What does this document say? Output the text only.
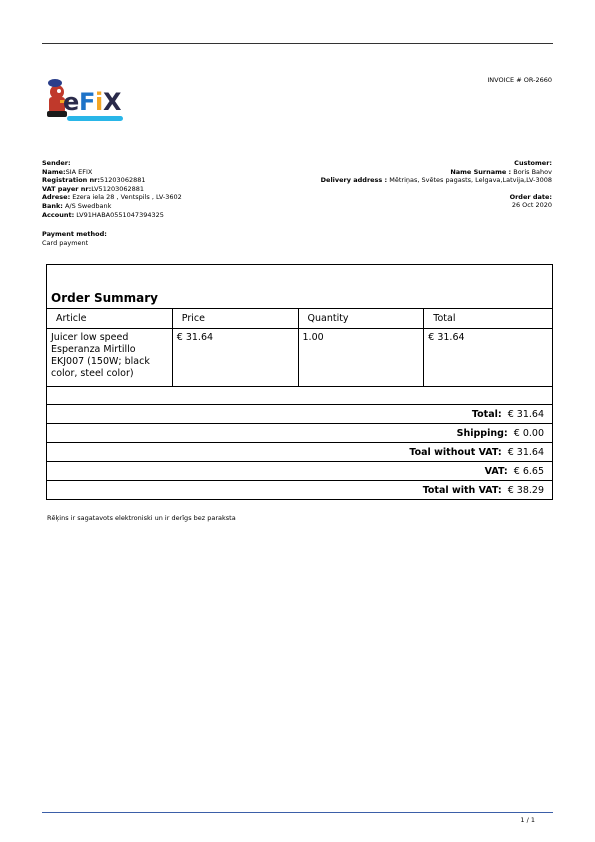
e F i X
INVOICE # OR-2660
Sender:
Name:SIA EFIX
Registration nr:51203062881
VAT payer nr:LV51203062881
Adrese: Ezera iela 28 , Ventspils , LV-3602
Bank: A/S Swedbank
Account: LV91HABA0551047394325
Customer:
Name Surname : Boris Bahov
Delivery address : Mētriņas, Svētes pagasts, Lelgava,Latvija,LV-3008
Order date:
26 Oct 2020
Payment method:
Card payment
Order Summary			
Article	Price	Quantity	Total
Juicer low speed Esperanza Mirtillo EKJ007 (150W; black color, steel color)	€ 31.64	1.00	€ 31.64

Total: € 31.64			
Shipping: € 0.00			
Toal without VAT: € 31.64			
VAT: € 6.65			
Total with VAT: € 38.29			
Rēķins ir sagatavots elektroniski un ir derīgs bez paraksta
1 / 1
